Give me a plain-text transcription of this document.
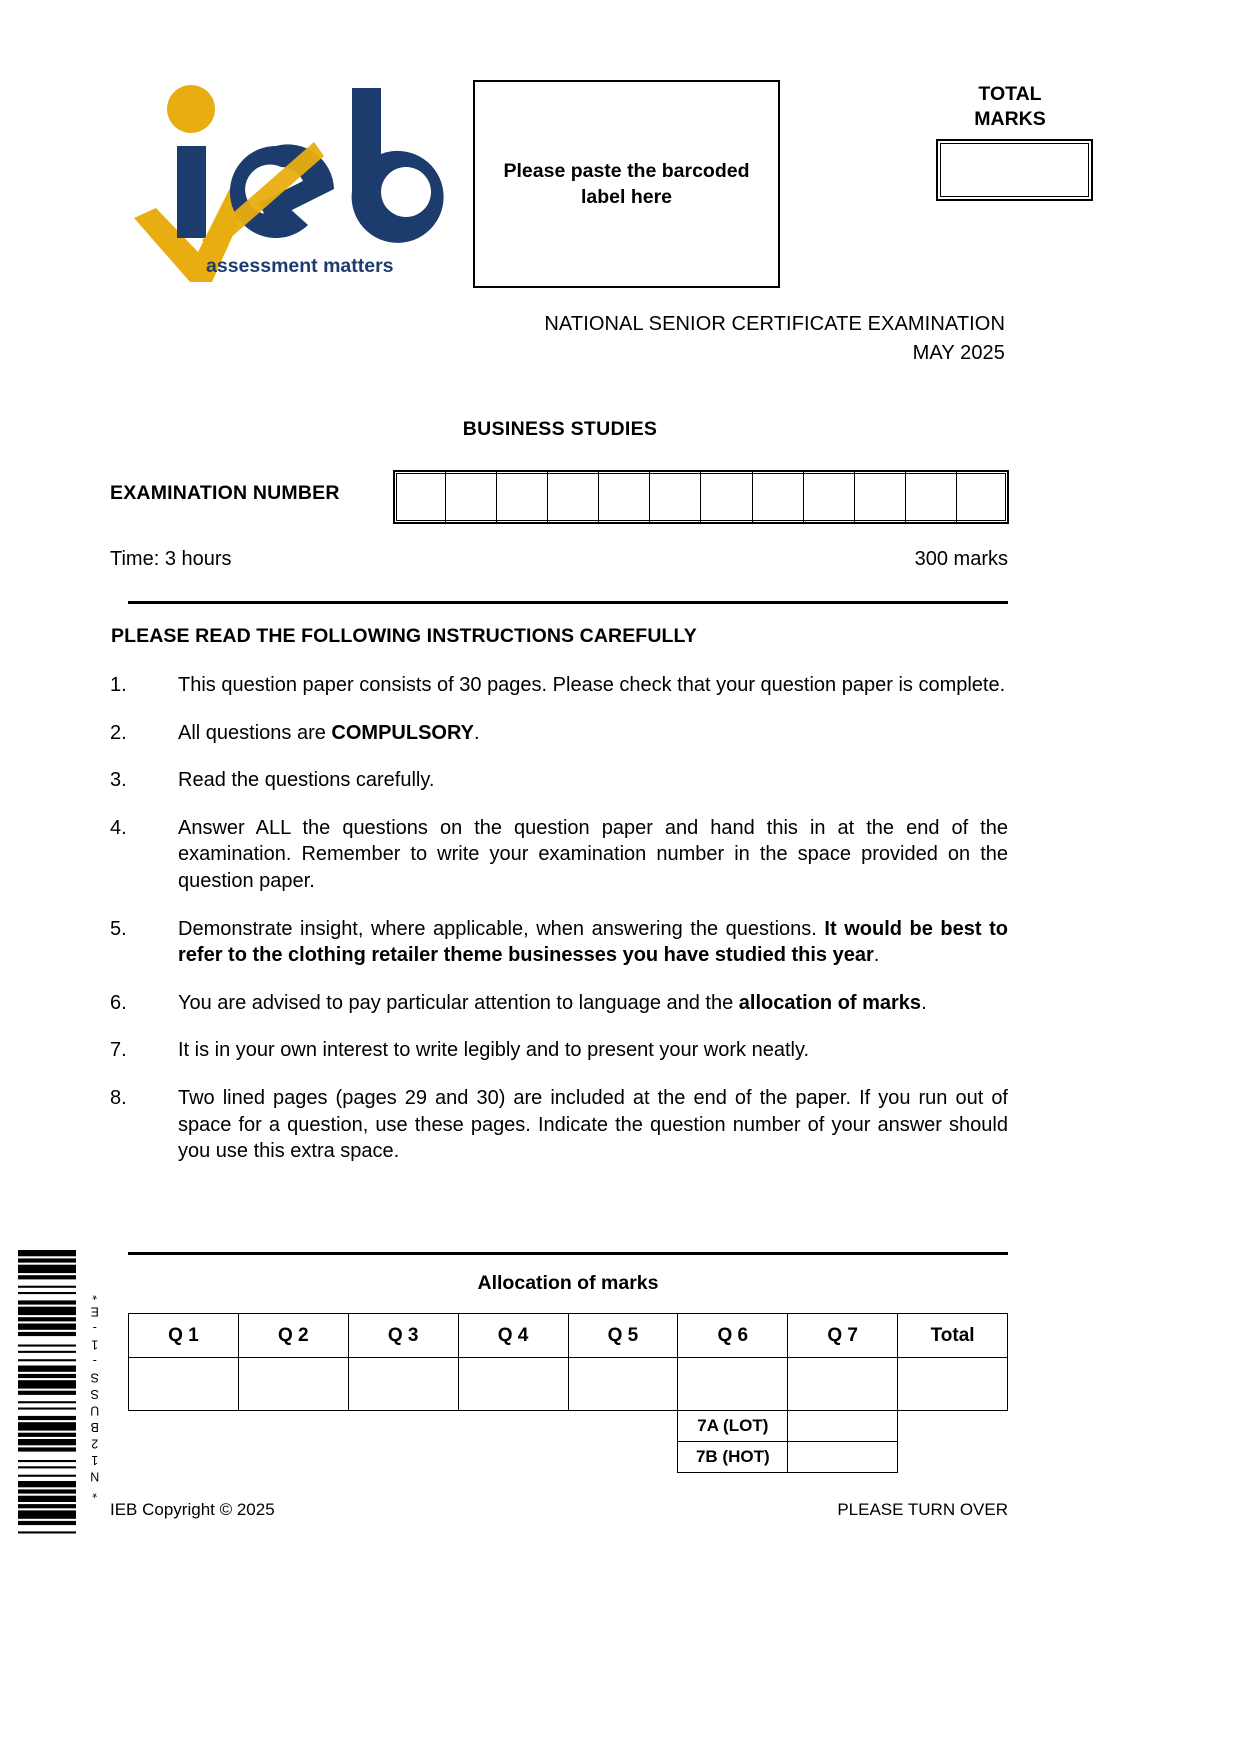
assessment matters
Please paste the barcoded label here
TOTAL
MARKS
NATIONAL SENIOR CERTIFICATE EXAMINATION
MAY 2025
BUSINESS STUDIES
EXAMINATION NUMBER
Time: 3 hours	300 marks
PLEASE READ THE FOLLOWING INSTRUCTIONS CAREFULLY
1.	This question paper consists of 30 pages. Please check that your question paper is complete.
2.	All questions are COMPULSORY.
3.	Read the questions carefully.
4.	Answer ALL the questions on the question paper and hand this in at the end of the examination. Remember to write your examination number in the space provided on the question paper.
5.	Demonstrate insight, where applicable, when answering the questions. It would be best to refer to the clothing retailer theme businesses you have studied this year.
6.	You are advised to pay particular attention to language and the allocation of marks.
7.	It is in your own interest to write legibly and to present your work neatly.
8.	Two lined pages (pages 29 and 30) are included at the end of the paper. If you run out of space for a question, use these pages. Indicate the question number of your answer should you use this extra space.
Allocation of marks
Q 1	Q 2	Q 3	Q 4	Q 5	Q 6	Q 7	Total

					7A (LOT)		
					7B (HOT)		
*N12BUSS-1-E*
IEB Copyright © 2025	PLEASE TURN OVER
